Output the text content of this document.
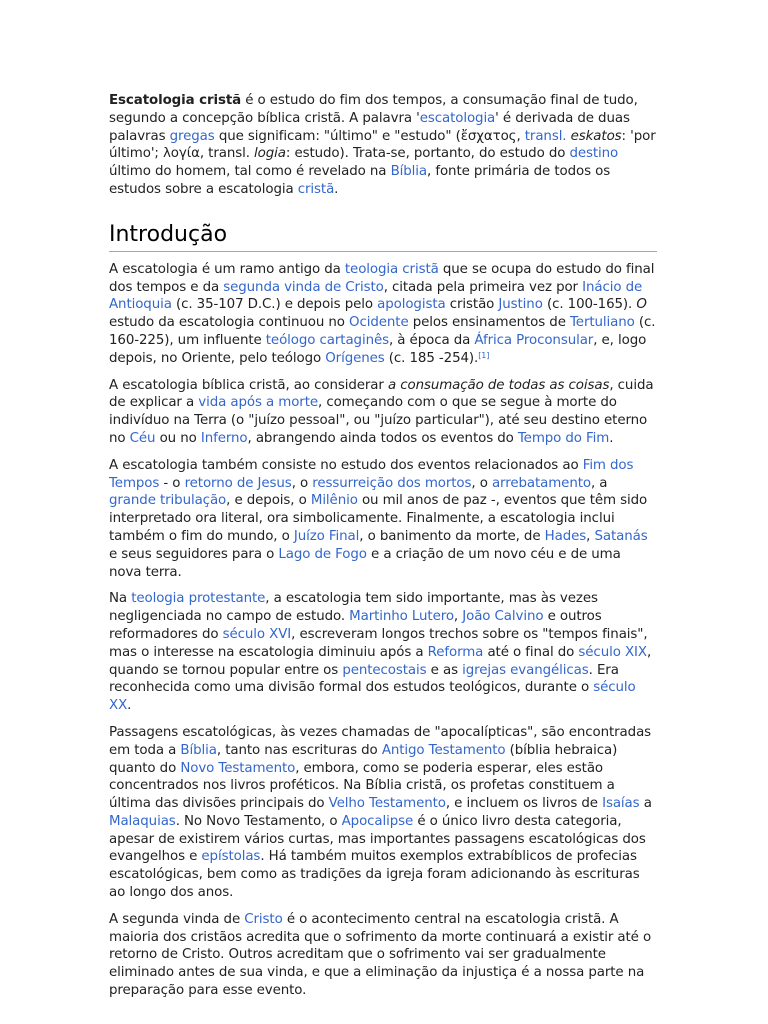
Escatologia cristã é o estudo do fim dos tempos, a consumação final de tudo, segundo a concepção bíblica cristã. A palavra 'escatologia' é derivada de duas palavras gregas que significam: "último" e "estudo" (ἔσχατος, transl. eskatos: 'por último'; λογία, transl. logia: estudo). Trata-se, portanto, do estudo do destino último do homem, tal como é revelado na Bíblia, fonte primária de todos os estudos sobre a escatologia cristã.

Introdução

A escatologia é um ramo antigo da teologia cristã que se ocupa do estudo do final dos tempos e da segunda vinda de Cristo, citada pela primeira vez por Inácio de Antioquia (c. 35-107 D.C.) e depois pelo apologista cristão Justino (c. 100-165). O estudo da escatologia continuou no Ocidente pelos ensinamentos de Tertuliano (c. 160-225), um influente teólogo cartaginês, à época da África Proconsular, e, logo depois, no Oriente, pelo teólogo Orígenes (c. 185 -254).[1]

A escatologia bíblica cristã, ao considerar a consumação de todas as coisas, cuida de explicar a vida após a morte, começando com o que se segue à morte do indivíduo na Terra (o "juízo pessoal", ou "juízo particular"), até seu destino eterno no Céu ou no Inferno, abrangendo ainda todos os eventos do Tempo do Fim.

A escatologia também consiste no estudo dos eventos relacionados ao Fim dos Tempos - o retorno de Jesus, o ressurreição dos mortos, o arrebatamento, a grande tribulação, e depois, o Milênio ou mil anos de paz -, eventos que têm sido interpretado ora literal, ora simbolicamente. Finalmente, a escatologia inclui também o fim do mundo, o Juízo Final, o banimento da morte, de Hades, Satanás e seus seguidores para o Lago de Fogo e a criação de um novo céu e de uma nova terra.

Na teologia protestante, a escatologia tem sido importante, mas às vezes negligenciada no campo de estudo. Martinho Lutero, João Calvino e outros reformadores do século XVI, escreveram longos trechos sobre os "tempos finais", mas o interesse na escatologia diminuiu após a Reforma até o final do século XIX, quando se tornou popular entre os pentecostais e as igrejas evangélicas. Era reconhecida como uma divisão formal dos estudos teológicos, durante o século XX.

Passagens escatológicas, às vezes chamadas de "apocalípticas", são encontradas em toda a Bíblia, tanto nas escrituras do Antigo Testamento (bíblia hebraica) quanto do Novo Testamento, embora, como se poderia esperar, eles estão concentrados nos livros proféticos. Na Bíblia cristã, os profetas constituem a última das divisões principais do Velho Testamento, e incluem os livros de Isaías a Malaquias. No Novo Testamento, o Apocalipse é o único livro desta categoria, apesar de existirem vários curtas, mas importantes passagens escatológicas dos evangelhos e epístolas. Há também muitos exemplos extrabíblicos de profecias escatológicas, bem como as tradições da igreja foram adicionando às escrituras ao longo dos anos.

A segunda vinda de Cristo é o acontecimento central na escatologia cristã. A maioria dos cristãos acredita que o sofrimento da morte continuará a existir até o retorno de Cristo. Outros acreditam que o sofrimento vai ser gradualmente eliminado antes de sua vinda, e que a eliminação da injustiça é a nossa parte na preparação para esse evento.
